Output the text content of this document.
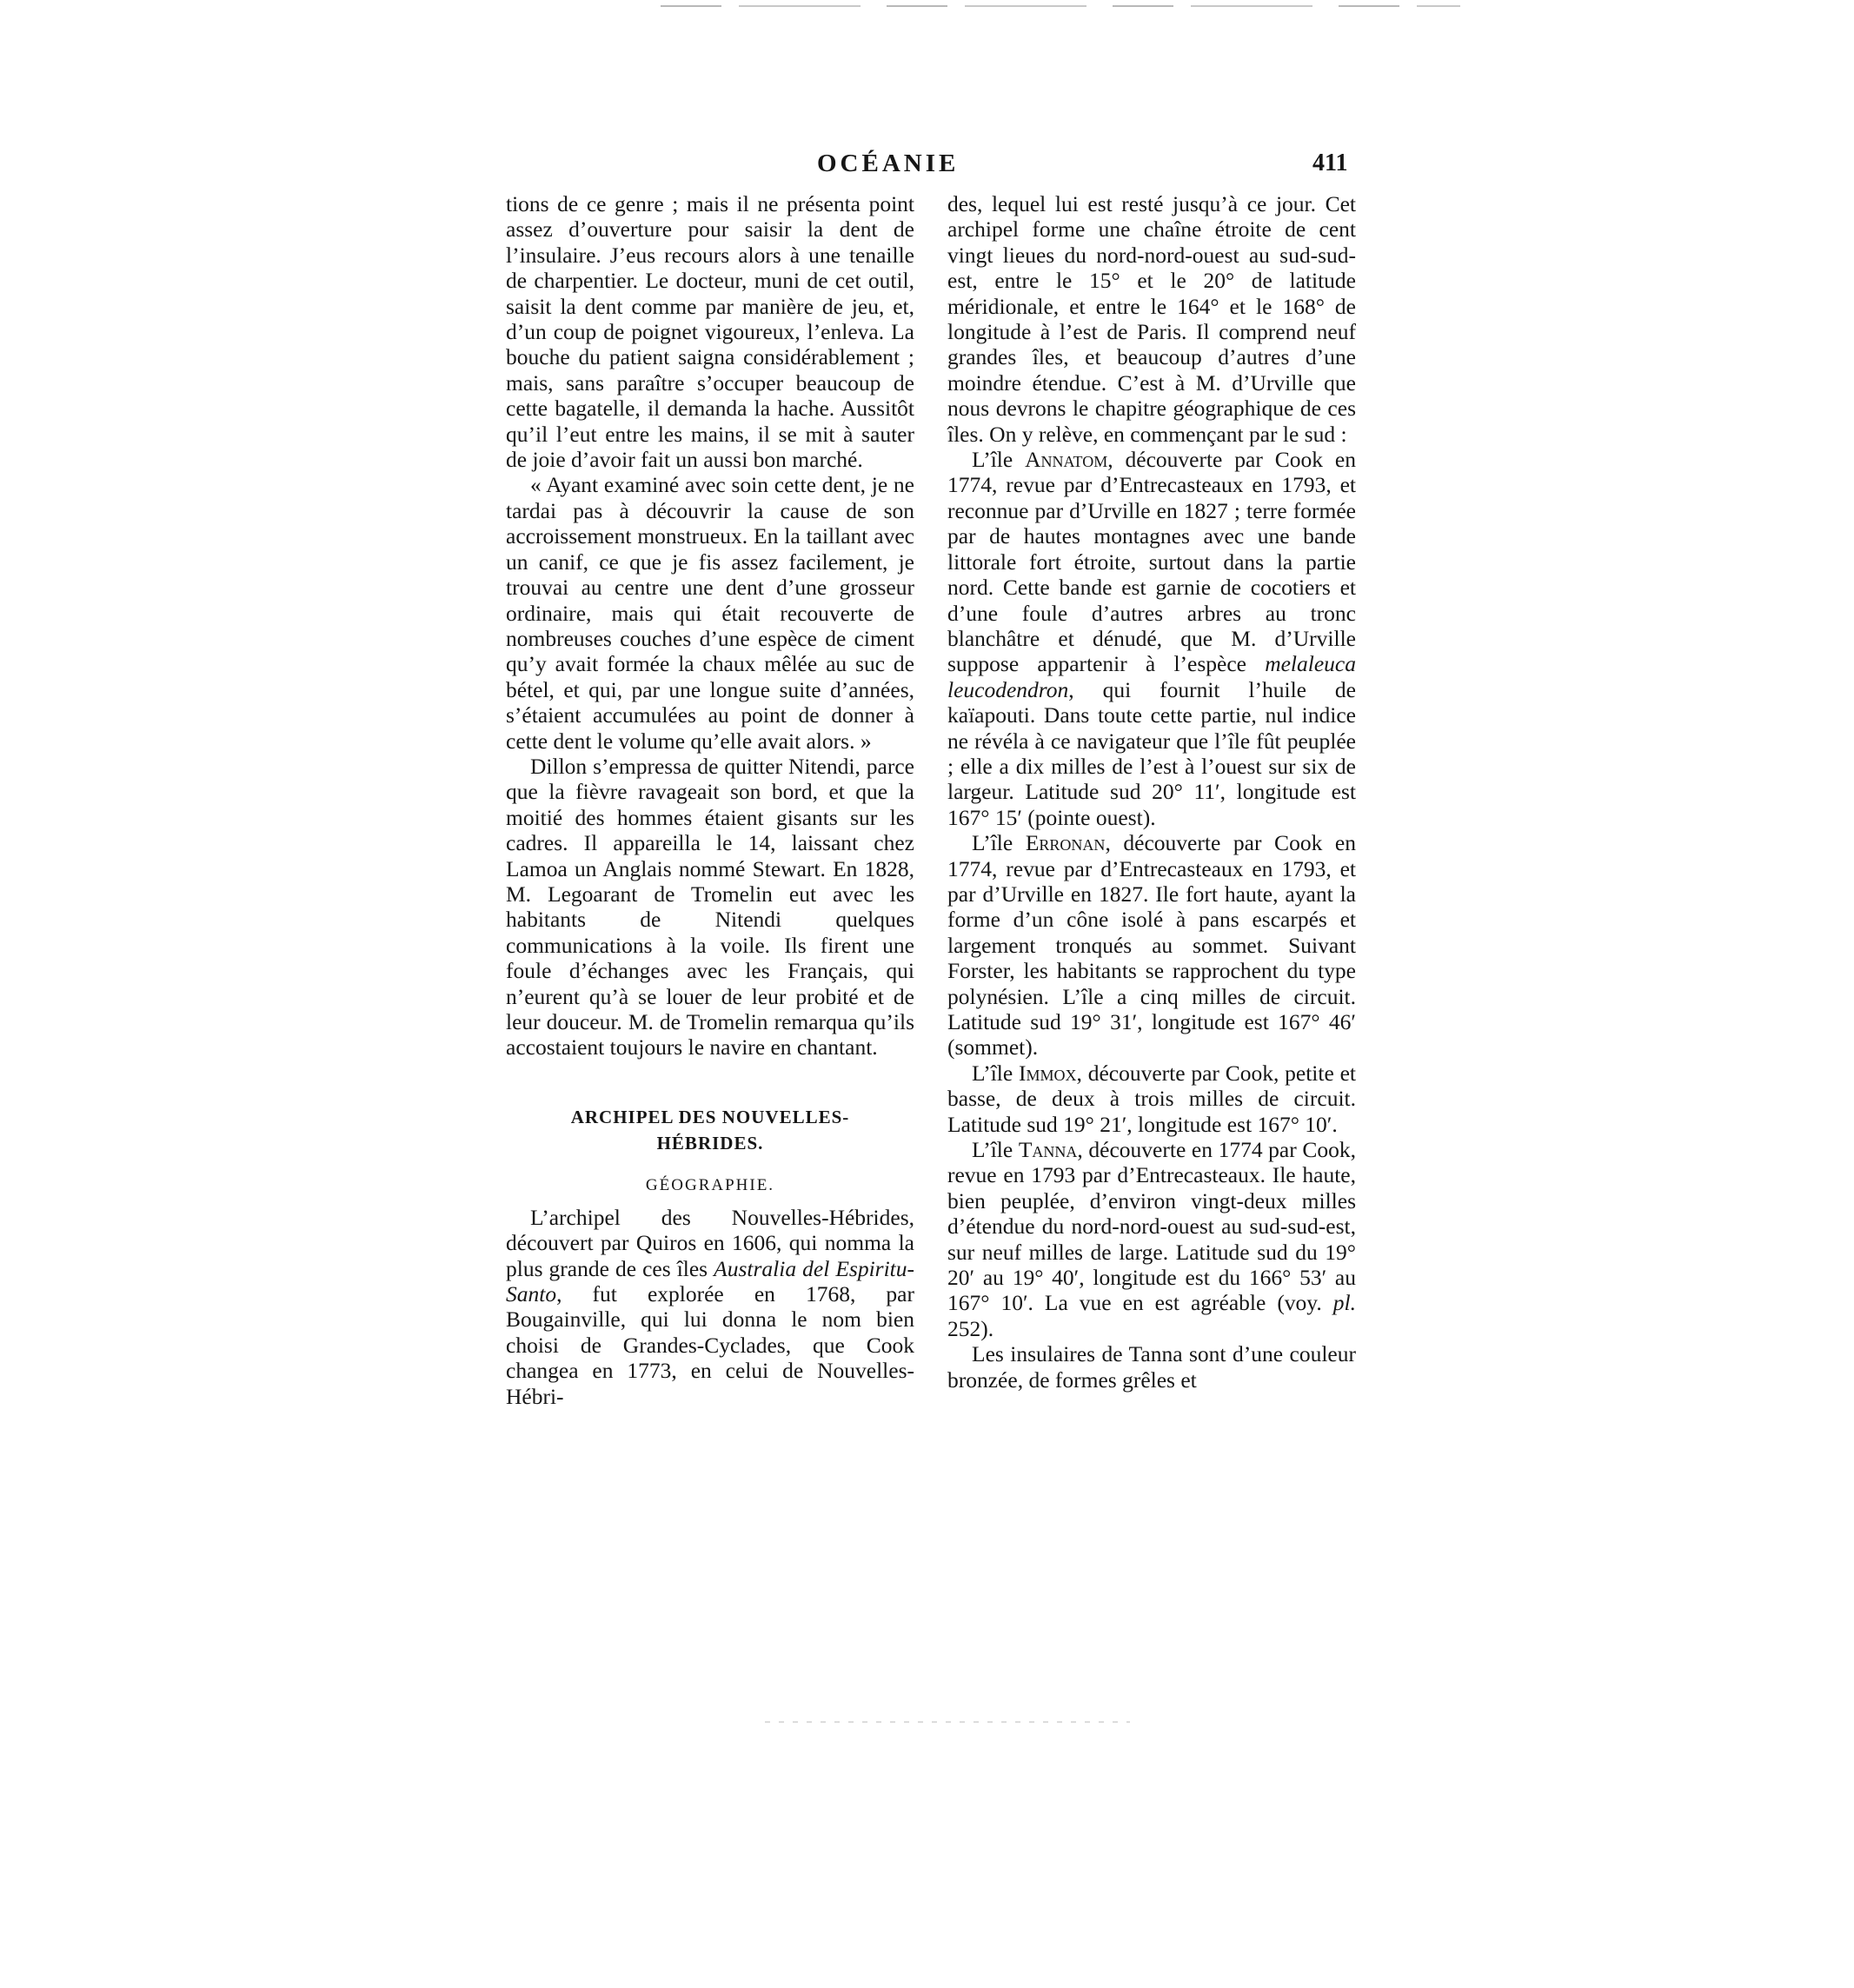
OCÉANIE	411

tions de ce genre ; mais il ne présenta point assez d’ouverture pour saisir la dent de l’insulaire. J’eus recours alors à une tenaille de charpentier. Le docteur, muni de cet outil, saisit la dent comme par manière de jeu, et, d’un coup de poignet vigoureux, l’enleva. La bouche du patient saigna considérablement ; mais, sans paraître s’occuper beaucoup de cette bagatelle, il demanda la hache. Aussitôt qu’il l’eut entre les mains, il se mit à sauter de joie d’avoir fait un aussi bon marché.

« Ayant examiné avec soin cette dent, je ne tardai pas à découvrir la cause de son accroissement monstrueux. En la taillant avec un canif, ce que je fis assez facilement, je trouvai au centre une dent d’une grosseur ordinaire, mais qui était recouverte de nombreuses couches d’une espèce de ciment qu’y avait formée la chaux mêlée au suc de bétel, et qui, par une longue suite d’années, s’étaient accumulées au point de donner à cette dent le volume qu’elle avait alors. »

Dillon s’empressa de quitter Nitendi, parce que la fièvre ravageait son bord, et que la moitié des hommes étaient gisants sur les cadres. Il appareilla le 14, laissant chez Lamoa un Anglais nommé Stewart. En 1828, M. Legoarant de Tromelin eut avec les habitants de Nitendi quelques communications à la voile. Ils firent une foule d’échanges avec les Français, qui n’eurent qu’à se louer de leur probité et de leur douceur. M. de Tromelin remarqua qu’ils accostaient toujours le navire en chantant.

ARCHIPEL DES NOUVELLES-HÉBRIDES.
GÉOGRAPHIE.

L’archipel des Nouvelles-Hébrides, découvert par Quiros en 1606, qui nomma la plus grande de ces îles Australia del Espiritu-Santo, fut explorée en 1768, par Bougainville, qui lui donna le nom bien choisi de Grandes-Cyclades, que Cook changea en 1773, en celui de Nouvelles-Hébri-

des, lequel lui est resté jusqu’à ce jour. Cet archipel forme une chaîne étroite de cent vingt lieues du nord-nord-ouest au sud-sud-est, entre le 15° et le 20° de latitude méridionale, et entre le 164° et le 168° de longitude à l’est de Paris. Il comprend neuf grandes îles, et beaucoup d’autres d’une moindre étendue. C’est à M. d’Urville que nous devrons le chapitre géographique de ces îles. On y relève, en commençant par le sud :

L’île Annatom, découverte par Cook en 1774, revue par d’Entrecasteaux en 1793, et reconnue par d’Urville en 1827 ; terre formée par de hautes montagnes avec une bande littorale fort étroite, surtout dans la partie nord. Cette bande est garnie de cocotiers et d’une foule d’autres arbres au tronc blanchâtre et dénudé, que M. d’Urville suppose appartenir à l’espèce melaleuca leucodendron, qui fournit l’huile de kaïapouti. Dans toute cette partie, nul indice ne révéla à ce navigateur que l’île fût peuplée ; elle a dix milles de l’est à l’ouest sur six de largeur. Latitude sud 20° 11′, longitude est 167° 15′ (pointe ouest).

L’île Erronan, découverte par Cook en 1774, revue par d’Entrecasteaux en 1793, et par d’Urville en 1827. Ile fort haute, ayant la forme d’un cône isolé à pans escarpés et largement tronqués au sommet. Suivant Forster, les habitants se rapprochent du type polynésien. L’île a cinq milles de circuit. Latitude sud 19° 31′, longitude est 167° 46′ (sommet).

L’île Immox, découverte par Cook, petite et basse, de deux à trois milles de circuit. Latitude sud 19° 21′, longitude est 167° 10′.

L’île Tanna, découverte en 1774 par Cook, revue en 1793 par d’Entrecasteaux. Ile haute, bien peuplée, d’environ vingt-deux milles d’étendue du nord-nord-ouest au sud-sud-est, sur neuf milles de large. Latitude sud du 19° 20′ au 19° 40′, longitude est du 166° 53′ au 167° 10′. La vue en est agréable (voy. pl. 252).

Les insulaires de Tanna sont d’une couleur bronzée, de formes grêles et
